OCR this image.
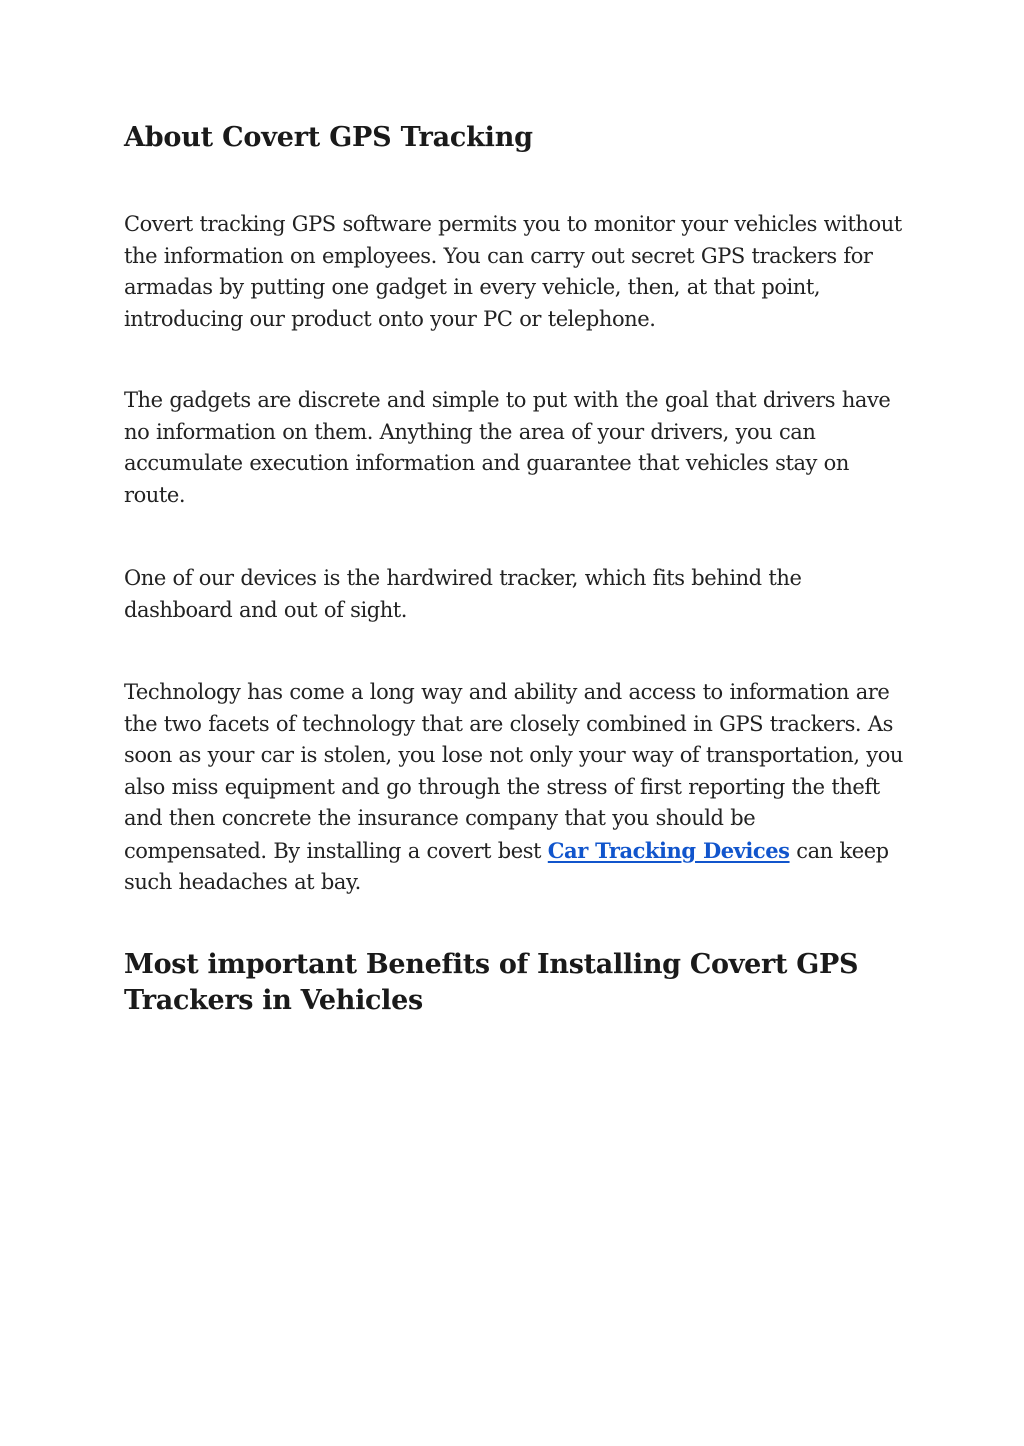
About Covert GPS Tracking

Covert tracking GPS software permits you to monitor your vehicles without the information on employees. You can carry out secret GPS trackers for armadas by putting one gadget in every vehicle, then, at that point, introducing our product onto your PC or telephone.

The gadgets are discrete and simple to put with the goal that drivers have no information on them. Anything the area of your drivers, you can accumulate execution information and guarantee that vehicles stay on route.

One of our devices is the hardwired tracker, which fits behind the dashboard and out of sight.

Technology has come a long way and ability and access to information are the two facets of technology that are closely combined in GPS trackers. As soon as your car is stolen, you lose not only your way of transportation, you also miss equipment and go through the stress of first reporting the theft and then concrete the insurance company that you should be compensated. By installing a covert best Car Tracking Devices can keep such headaches at bay.

Most important Benefits of Installing Covert GPS Trackers in Vehicles
